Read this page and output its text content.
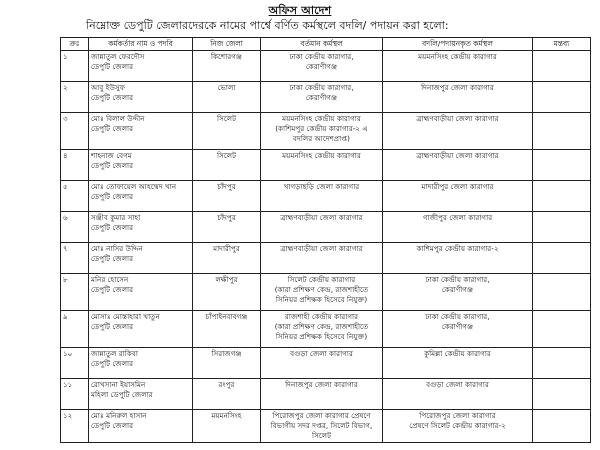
অফিস আদেশ
নিম্নোক্ত ডেপুটি জেলারদেরকে নামের পার্শ্বে বর্ণিত কর্মস্থলে বদলি/ পদায়ন করা হলো:
ক্রঃ	কর্মকর্তার নাম ও পদবি	নিজ জেলা	বর্তমান কর্মস্থল	বদলি/পদায়নকৃত কর্মস্থল	মন্তব্য
১	জান্নাতুল ফেরদৌস
ডেপুটি জেলার	কিশোরগঞ্জ	ঢাকা কেন্দ্রীয় কারাগার,
কেরাণীগঞ্জ	ময়মনসিংহ কেন্দ্রীয় কারাগার	

২	আবু ইউসুফ
ডেপুটি জেলার	ভোলা	ঢাকা কেন্দ্রীয় কারাগার,
কেরাণীগঞ্জ	দিনাজপুর জেলা কারাগার	

৩	মোঃ বিলাল উদ্দীন
ডেপুটি জেলার	সিলেট	ময়মনসিংহ কেন্দ্রীয় কারাগার
(কাশিমপুর কেন্দ্রীয় কারাগার-২ এ
বদলির আদেশপ্রাপ্ত)	ব্রাহ্মণবাড়ীয়া জেলা কারাগার	

৪	শাহনাজ বেগম
ডেপুটি জেলার	সিলেট	ময়মনসিংহ কেন্দ্রীয় কারাগার	ব্রাহ্মণবাড়ীয়া জেলা কারাগার	

৫	মোঃ তোফায়েল আহম্মেদ খান
ডেপুটি জেলার	চাঁদপুর	খাগড়াছড়ি জেলা কারাগার	মাদারীপুর জেলা কারাগার	

৬	সঞ্জীব কুমার সাহা
ডেপুটি জেলার	চাঁদপুর	ব্রাহ্মণবাড়ীয়া জেলা কারাগার	গাজীপুর জেলা কারাগার	

৭	মোঃ নাসির উদ্দিন
ডেপুটি জেলার	মাদারীপুর	ব্রাহ্মণবাড়ীয়া জেলা কারাগার	কাশিমপুর কেন্দ্রীয় কারাগার-২	

৮	মনির হোসেন
ডেপুটি জেলার	লক্ষীপুর	সিলেট কেন্দ্রীয় কারাগার
(কারা প্রশিক্ষণ কেন্দ্র, রাজশাহীতে
সিনিয়র প্রশিক্ষক হিসেবে নিযুক্ত)	ঢাকা কেন্দ্রীয় কারাগার,
কেরাণীগঞ্জ	

৯	মোসাঃ মোস্তাহারা খাতুন
ডেপুটি জেলার	চাঁপাইনবাবগঞ্জ	রাজশাহী কেন্দ্রীয় কারাগার
(কারা প্রশিক্ষণ কেন্দ্র, রাজশাহীতে
সিনিয়র প্রশিক্ষক হিসেবে নিযুক্ত)	ঢাকা কেন্দ্রীয় কারাগার,
কেরাণীগঞ্জ	

১০	জান্নাতুল রাকিবা
ডেপুটি জেলার	সিরাজগঞ্জ	বগুড়া জেলা কারাগার	কুমিল্লা কেন্দ্রীয় কারাগার	

১১	রোখসানা ইয়াসমিন
মহিলা ডেপুটি জেলার	রংপুর	দিনাজপুর জেলা কারাগার	বগুড়া জেলা কারাগার	

১২	মোঃ মনিরুল হাসান
ডেপুটি জেলার	ময়মনসিংহ	পিরোজপুর জেলা কারাগার প্রেষণে
বিভাগীয় সদর দপ্তর, সিলেট বিভাগ, সিলেট	পিরোজপুর জেলা কারাগার
প্রেষণে সিলেট কেন্দ্রীয় কারাগার-২	
